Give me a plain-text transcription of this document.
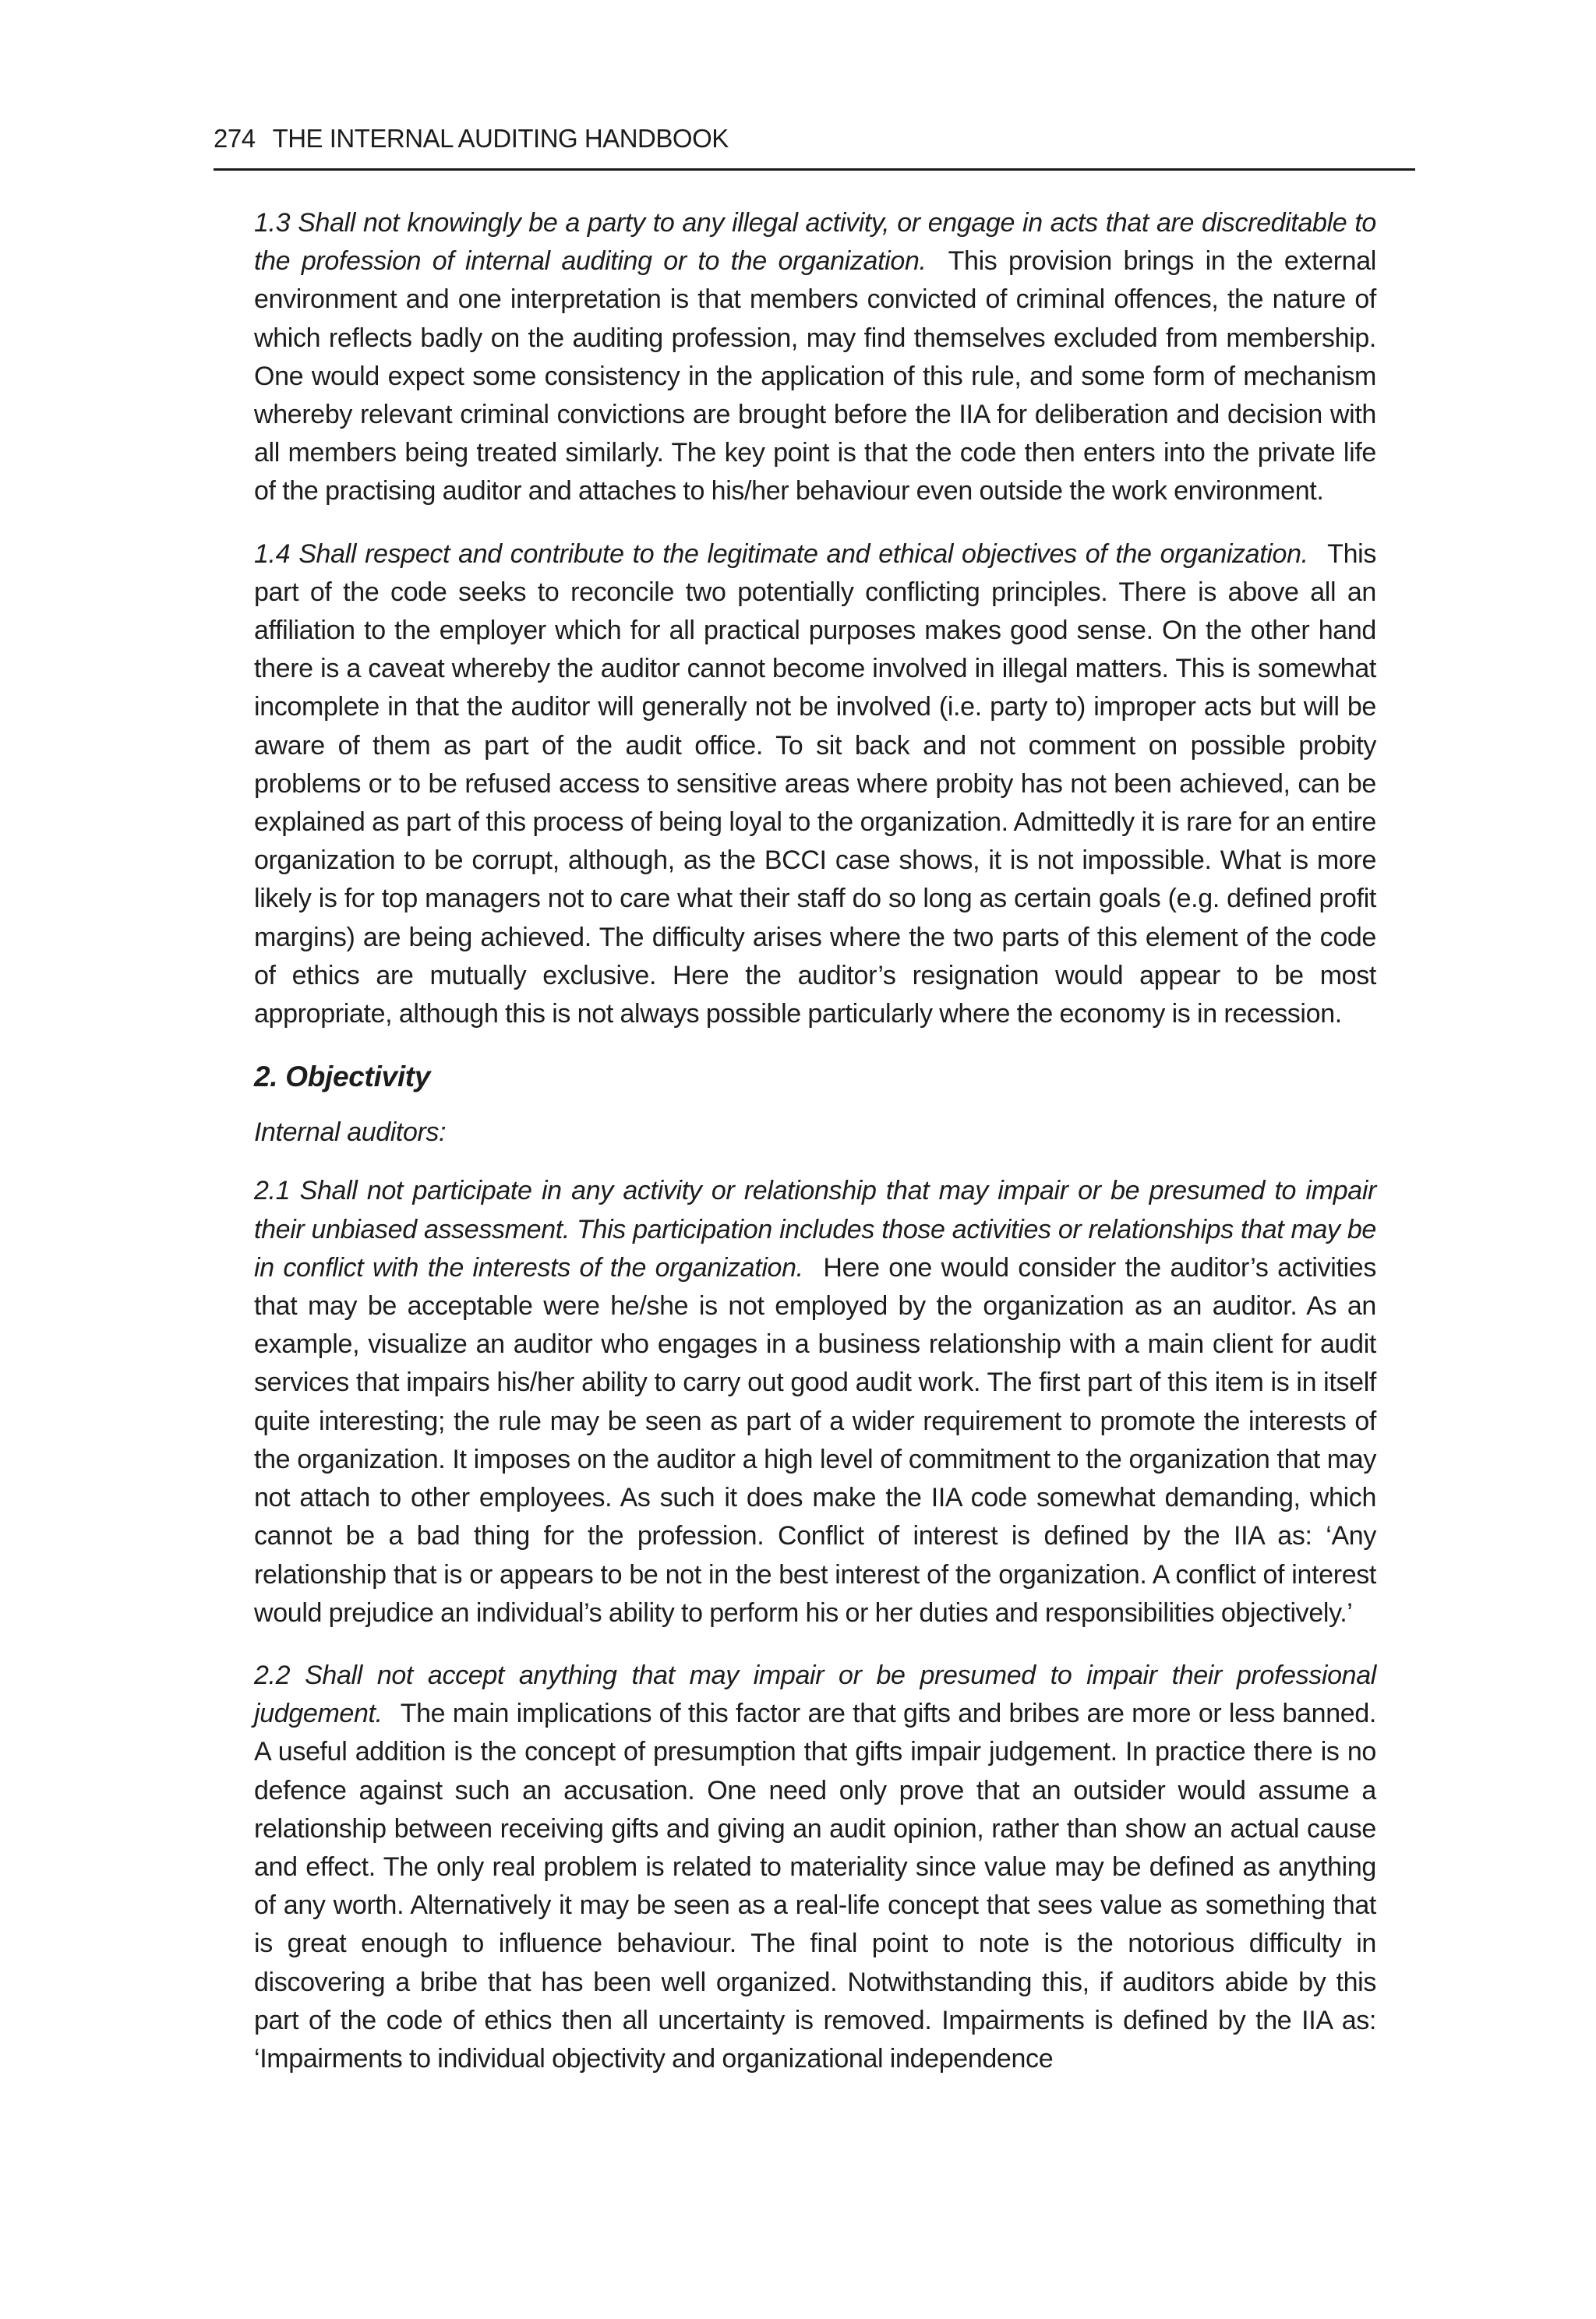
274 THE INTERNAL AUDITING HANDBOOK

1.3 Shall not knowingly be a party to any illegal activity, or engage in acts that are discreditable to the profession of internal auditing or to the organization. This provision brings in the external environment and one interpretation is that members convicted of criminal offences, the nature of which reflects badly on the auditing profession, may find themselves excluded from membership. One would expect some consistency in the application of this rule, and some form of mechanism whereby relevant criminal convictions are brought before the IIA for deliberation and decision with all members being treated similarly. The key point is that the code then enters into the private life of the practising auditor and attaches to his/her behaviour even outside the work environment.

1.4 Shall respect and contribute to the legitimate and ethical objectives of the organization. This part of the code seeks to reconcile two potentially conflicting principles. There is above all an affiliation to the employer which for all practical purposes makes good sense. On the other hand there is a caveat whereby the auditor cannot become involved in illegal matters. This is somewhat incomplete in that the auditor will generally not be involved (i.e. party to) improper acts but will be aware of them as part of the audit office. To sit back and not comment on possible probity problems or to be refused access to sensitive areas where probity has not been achieved, can be explained as part of this process of being loyal to the organization. Admittedly it is rare for an entire organization to be corrupt, although, as the BCCI case shows, it is not impossible. What is more likely is for top managers not to care what their staff do so long as certain goals (e.g. defined profit margins) are being achieved. The difficulty arises where the two parts of this element of the code of ethics are mutually exclusive. Here the auditor’s resignation would appear to be most appropriate, although this is not always possible particularly where the economy is in recession.

2. Objectivity
Internal auditors:

2.1 Shall not participate in any activity or relationship that may impair or be presumed to impair their unbiased assessment. This participation includes those activities or relationships that may be in conflict with the interests of the organization. Here one would consider the auditor’s activities that may be acceptable were he/she is not employed by the organization as an auditor. As an example, visualize an auditor who engages in a business relationship with a main client for audit services that impairs his/her ability to carry out good audit work. The first part of this item is in itself quite interesting; the rule may be seen as part of a wider requirement to promote the interests of the organization. It imposes on the auditor a high level of commitment to the organization that may not attach to other employees. As such it does make the IIA code somewhat demanding, which cannot be a bad thing for the profession. Conflict of interest is defined by the IIA as: ‘Any relationship that is or appears to be not in the best interest of the organization. A conflict of interest would prejudice an individual’s ability to perform his or her duties and responsibilities objectively.’

2.2 Shall not accept anything that may impair or be presumed to impair their professional judgement. The main implications of this factor are that gifts and bribes are more or less banned. A useful addition is the concept of presumption that gifts impair judgement. In practice there is no defence against such an accusation. One need only prove that an outsider would assume a relationship between receiving gifts and giving an audit opinion, rather than show an actual cause and effect. The only real problem is related to materiality since value may be defined as anything of any worth. Alternatively it may be seen as a real-life concept that sees value as something that is great enough to influence behaviour. The final point to note is the notorious difficulty in discovering a bribe that has been well organized. Notwithstanding this, if auditors abide by this part of the code of ethics then all uncertainty is removed. Impairments is defined by the IIA as: ‘Impairments to individual objectivity and organizational independence
